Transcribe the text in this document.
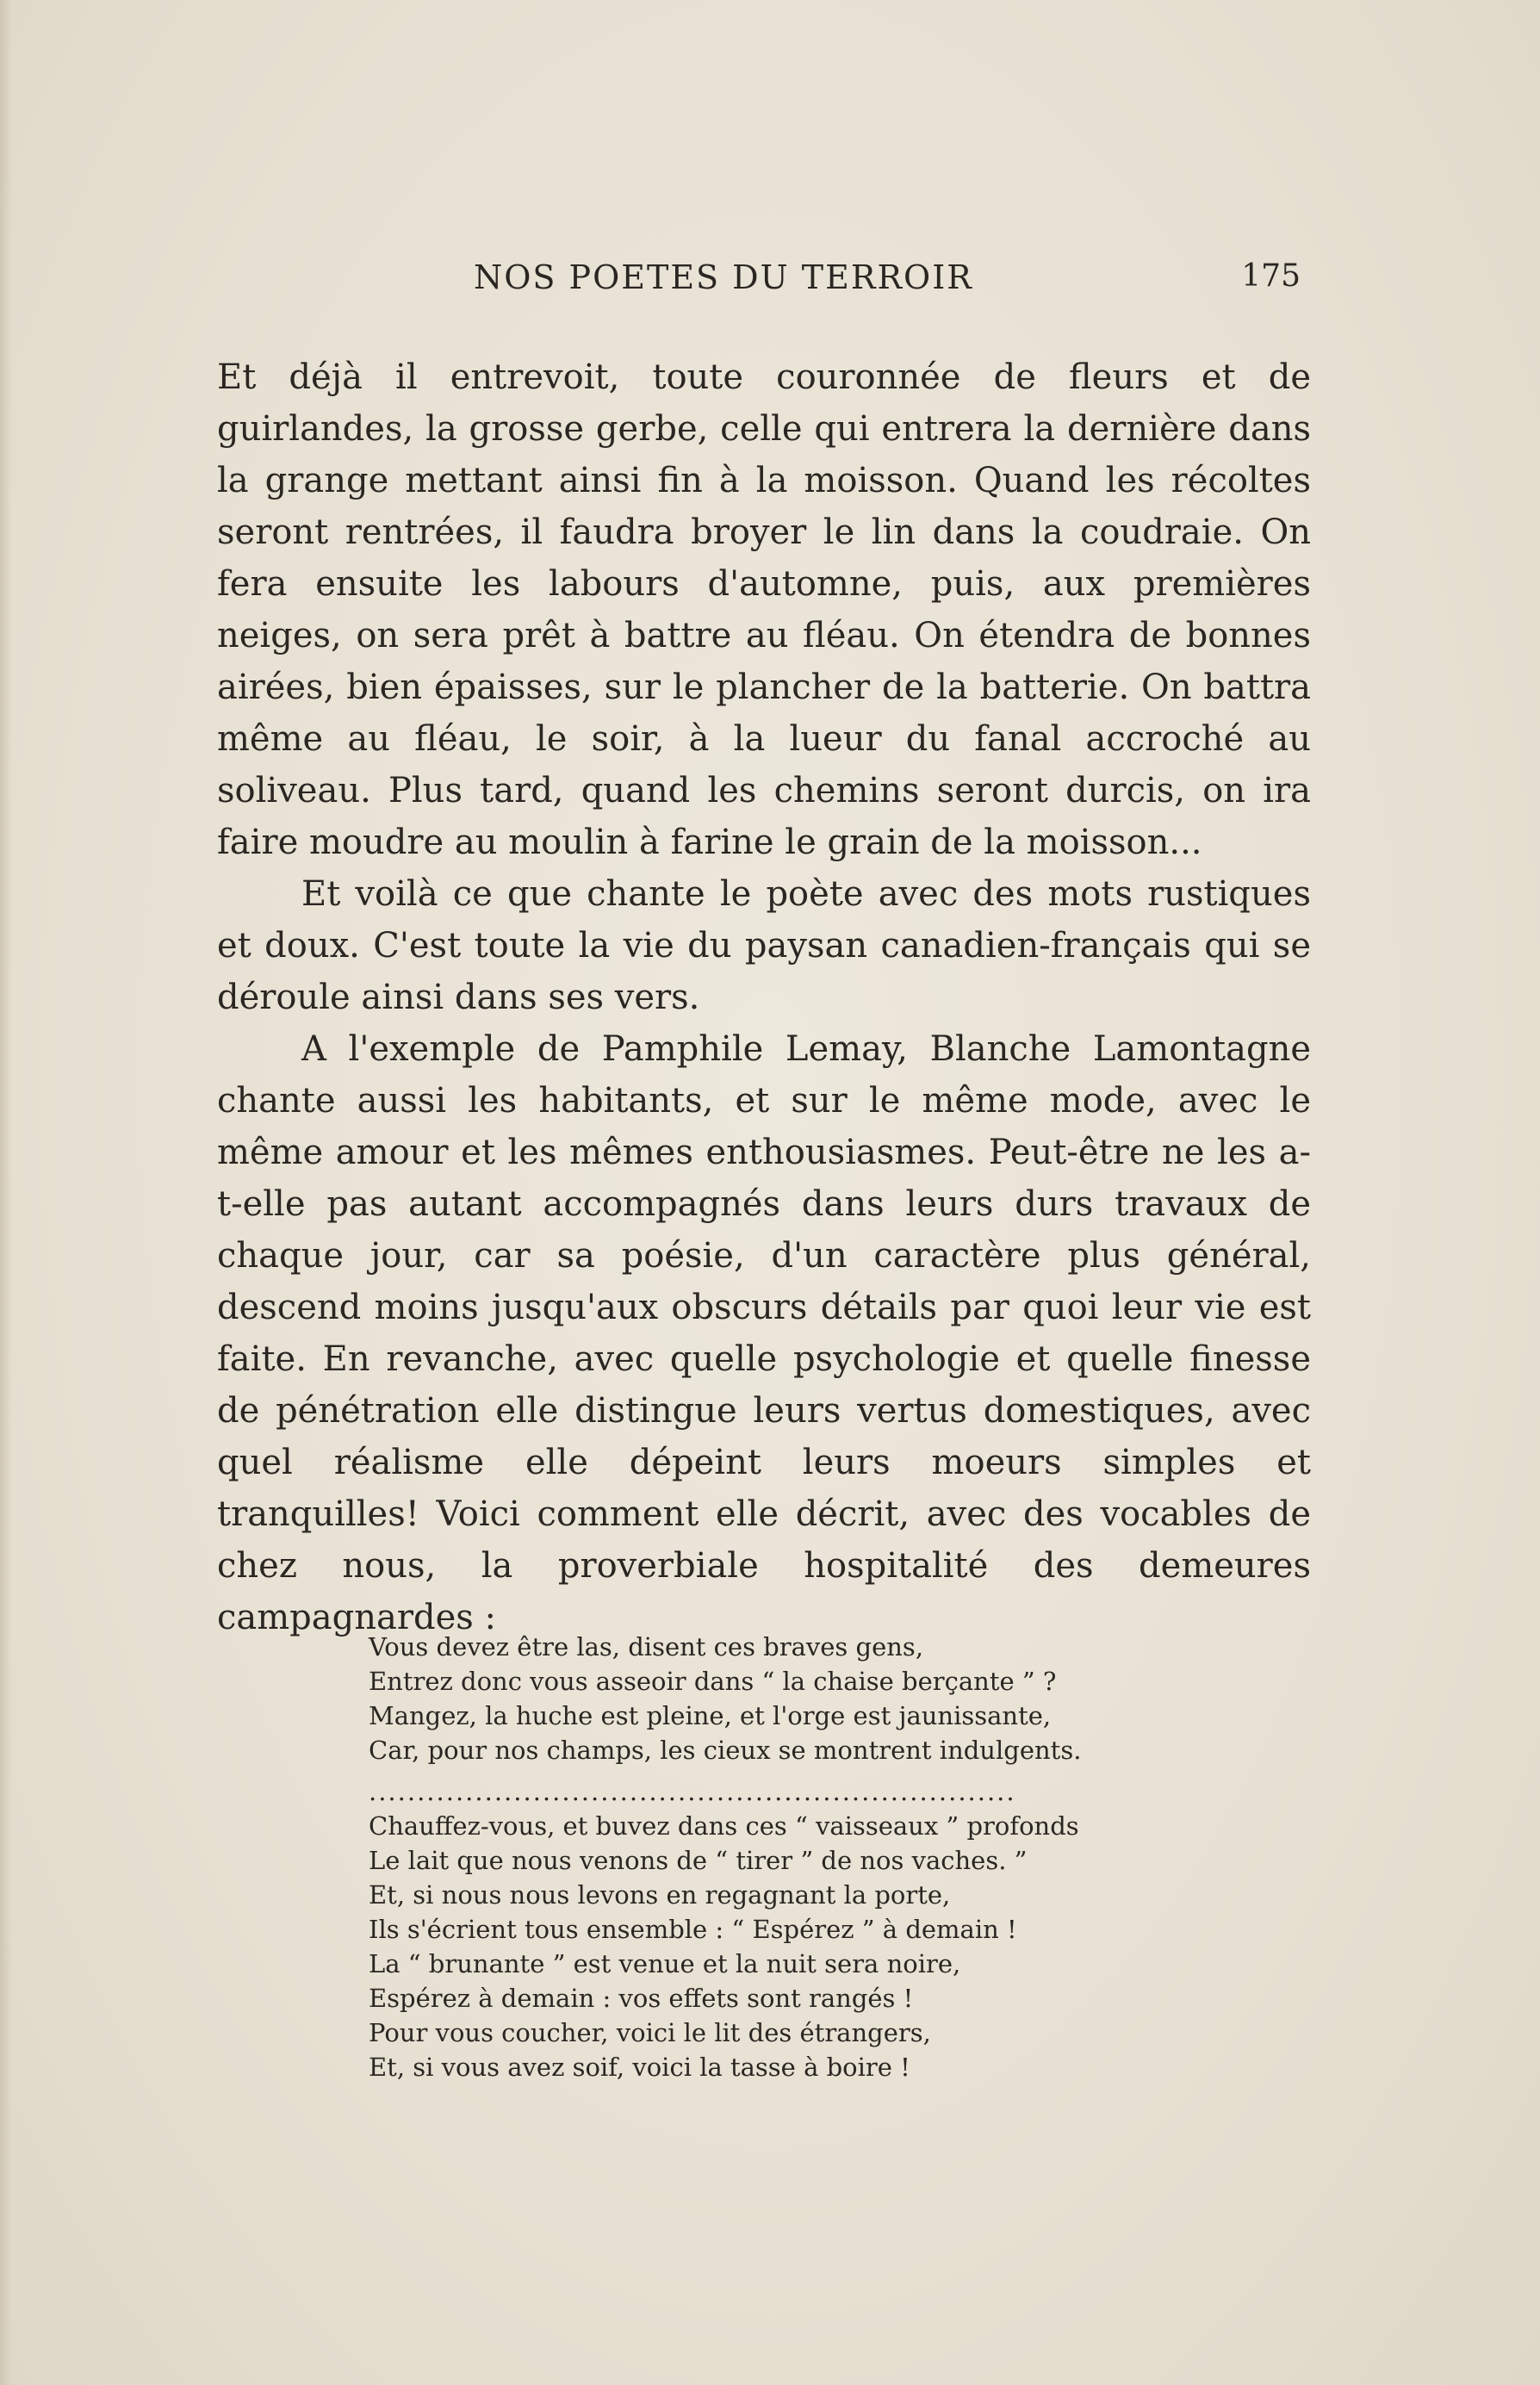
NOS POETES DU TERROIR	175

Et déjà il entrevoit, toute couronnée de fleurs et de guirlandes, la grosse gerbe, celle qui entrera la dernière dans la grange mettant ainsi fin à la moisson. Quand les récoltes seront rentrées, il faudra broyer le lin dans la coudraie. On fera ensuite les labours d'automne, puis, aux premières neiges, on sera prêt à battre au fléau. On étendra de bonnes airées, bien épaisses, sur le plancher de la batterie. On battra même au fléau, le soir, à la lueur du fanal accroché au soliveau. Plus tard, quand les chemins seront durcis, on ira faire moudre au moulin à farine le grain de la moisson...

Et voilà ce que chante le poète avec des mots rustiques et doux. C'est toute la vie du paysan canadien-français qui se déroule ainsi dans ses vers.

A l'exemple de Pamphile Lemay, Blanche Lamontagne chante aussi les habitants, et sur le même mode, avec le même amour et les mêmes enthousiasmes. Peut-être ne les a-t-elle pas autant accompagnés dans leurs durs travaux de chaque jour, car sa poésie, d'un caractère plus général, descend moins jusqu'aux obscurs détails par quoi leur vie est faite. En revanche, avec quelle psychologie et quelle finesse de pénétration elle distingue leurs vertus domestiques, avec quel réalisme elle dépeint leurs moeurs simples et tranquilles! Voici comment elle décrit, avec des vocables de chez nous, la proverbiale hospitalité des demeures campagnardes :

Vous devez être las, disent ces braves gens,
Entrez donc vous asseoir dans “ la chaise berçante ” ?
Mangez, la huche est pleine, et l'orge est jaunissante,
Car, pour nos champs, les cieux se montrent indulgents.
...................................................................
Chauffez-vous, et buvez dans ces “ vaisseaux ” profonds
Le lait que nous venons de “ tirer ” de nos vaches. ”
Et, si nous nous levons en regagnant la porte,
Ils s'écrient tous ensemble : “ Espérez ” à demain !
La “ brunante ” est venue et la nuit sera noire,
Espérez à demain : vos effets sont rangés !
Pour vous coucher, voici le lit des étrangers,
Et, si vous avez soif, voici la tasse à boire !
